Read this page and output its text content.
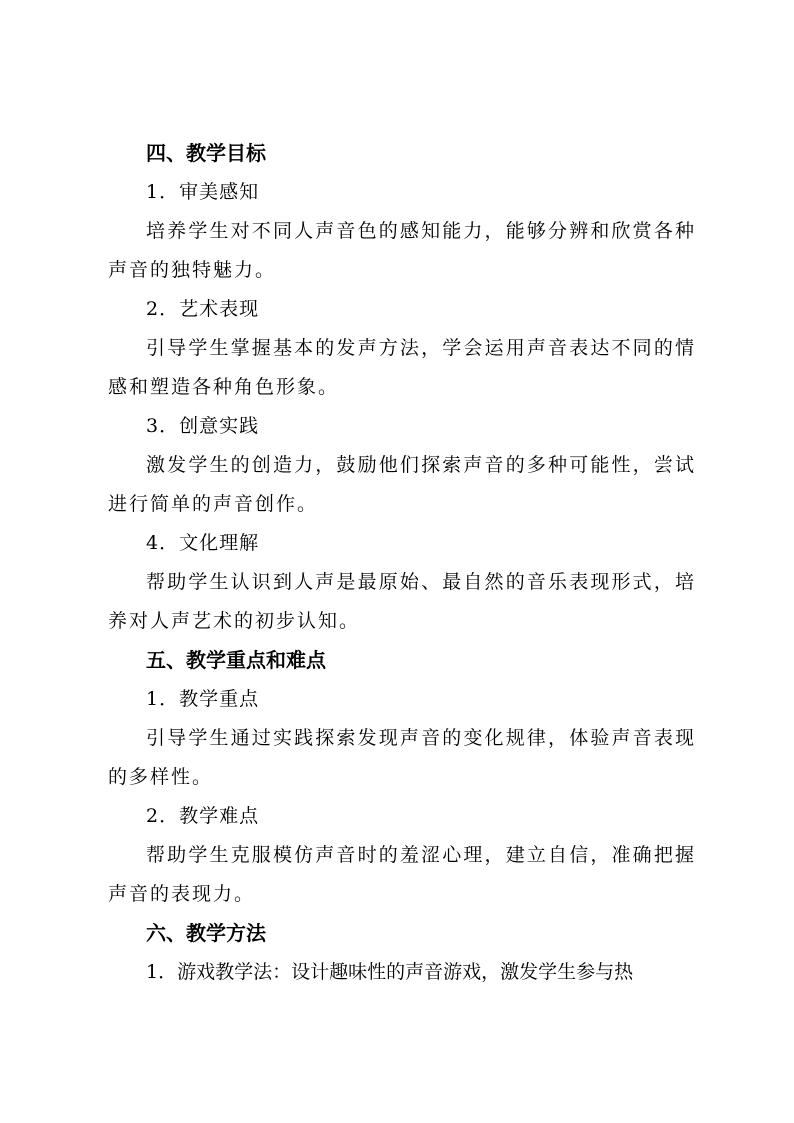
四、教学目标
1．审美感知
培养学生对不同人声音色的感知能力，能够分辨和欣赏各种声音的独特魅力。
2．艺术表现
引导学生掌握基本的发声方法，学会运用声音表达不同的情感和塑造各种角色形象。
3．创意实践
激发学生的创造力，鼓励他们探索声音的多种可能性，尝试进行简单的声音创作。
4．文化理解
帮助学生认识到人声是最原始、最自然的音乐表现形式，培养对人声艺术的初步认知。
五、教学重点和难点
1．教学重点
引导学生通过实践探索发现声音的变化规律，体验声音表现的多样性。
2．教学难点
帮助学生克服模仿声音时的羞涩心理，建立自信，准确把握声音的表现力。
六、教学方法
1．游戏教学法：设计趣味性的声音游戏，激发学生参与热
